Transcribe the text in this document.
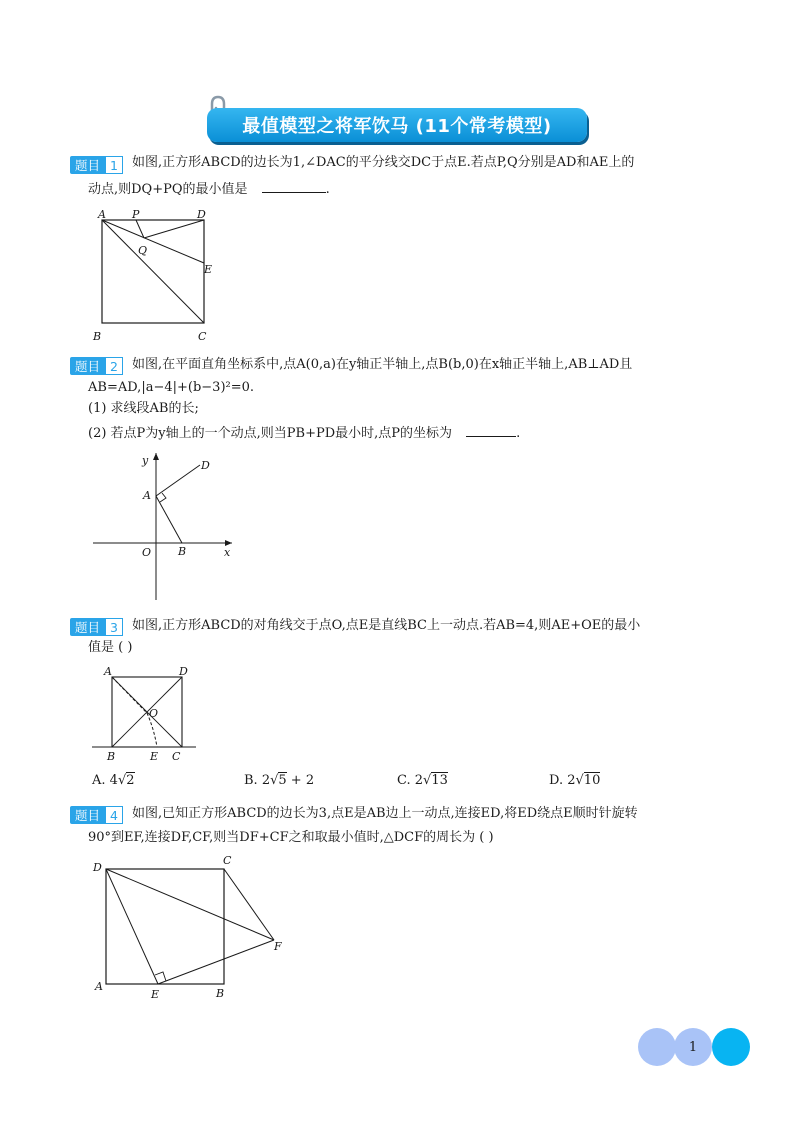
最值模型之将军饮马 (11个常考模型)
题目 1	如图,正方形ABCD的边长为1,∠DAC的平分线交DC于点E.若点P,Q分别是AD和AE上的
动点,则DQ+PQ的最小值是	.
A P	D
Q
E
B	C
题目 2	如图,在平面直角坐标系中,点A(0,a)在y轴正半轴上,点B(b,0)在x轴正半轴上,AB⊥AD且
AB=AD,|a−4|+(b−3)²=0.
(1) 求线段AB的长;
(2) 若点P为y轴上的一个动点,则当PB+PD最小时,点P的坐标为	.
y
x
D
A
O B
题目 3	如图,正方形ABCD的对角线交于点O,点E是直线BC上一动点.若AB=4,则AE+OE的最小
值是 ( )
A	D
O
B	E C
A. 4√2	B. 2√5 + 2	C. 2√13	D. 2√10
题目 4	如图,已知正方形ABCD的边长为3,点E是AB边上一动点,连接ED,将ED绕点E顺时针旋转
90°到EF,连接DF,CF,则当DF+CF之和取最小值时,△DCF的周长为 ( )
D
C
F
A
E	B
1
